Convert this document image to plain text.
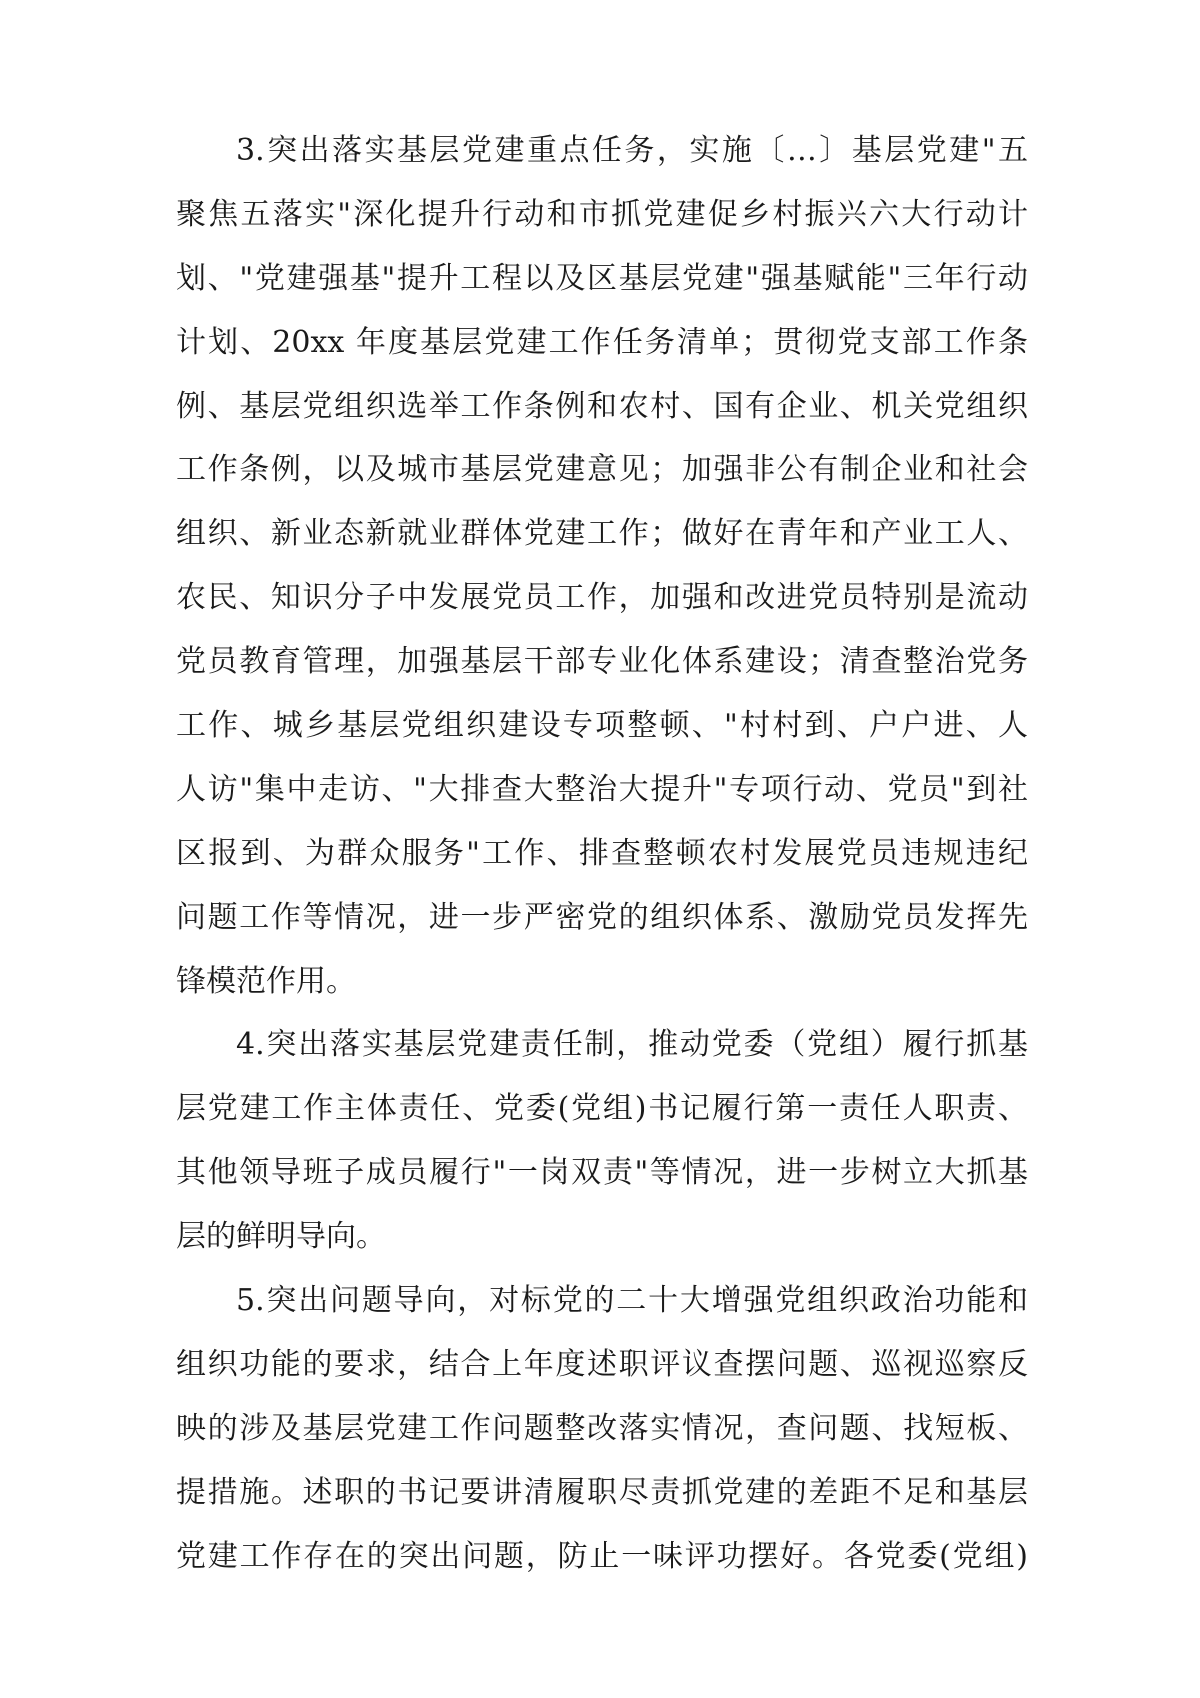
3.突出落实基层党建重点任务，实施〔…〕基层党建"五
聚焦五落实"深化提升行动和市抓党建促乡村振兴六大行动计
划、"党建强基"提升工程以及区基层党建"强基赋能"三年行动
计划、20xx 年度基层党建工作任务清单；贯彻党支部工作条
例、基层党组织选举工作条例和农村、国有企业、机关党组织
工作条例，以及城市基层党建意见；加强非公有制企业和社会
组织、新业态新就业群体党建工作；做好在青年和产业工人、
农民、知识分子中发展党员工作，加强和改进党员特别是流动
党员教育管理，加强基层干部专业化体系建设；清查整治党务
工作、城乡基层党组织建设专项整顿、"村村到、户户进、人
人访"集中走访、"大排查大整治大提升"专项行动、党员"到社
区报到、为群众服务"工作、排查整顿农村发展党员违规违纪
问题工作等情况，进一步严密党的组织体系、激励党员发挥先
锋模范作用。
4.突出落实基层党建责任制，推动党委（党组）履行抓基
层党建工作主体责任、党委(党组)书记履行第一责任人职责、
其他领导班子成员履行"一岗双责"等情况，进一步树立大抓基
层的鲜明导向。
5.突出问题导向，对标党的二十大增强党组织政治功能和
组织功能的要求，结合上年度述职评议查摆问题、巡视巡察反
映的涉及基层党建工作问题整改落实情况，查问题、找短板、
提措施。述职的书记要讲清履职尽责抓党建的差距不足和基层
党建工作存在的突出问题，防止一味评功摆好。各党委(党组)
